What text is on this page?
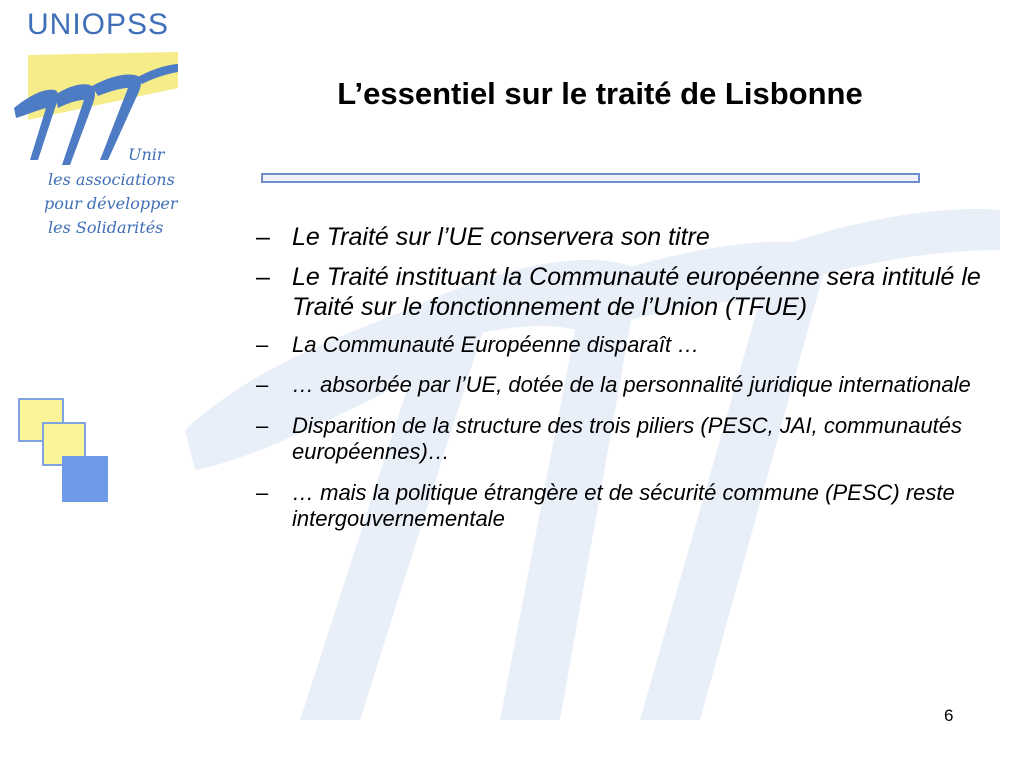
UNIOPSS
Unir
les associations
pour développer
les Solidarités
L’essentiel sur le traité de Lisbonne
– Le Traité sur l’UE conservera son titre
– Le Traité instituant la Communauté européenne sera intitulé le Traité sur le fonctionnement de l’Union (TFUE)
– La Communauté Européenne disparaît …
– … absorbée par l’UE, dotée de la personnalité juridique internationale
– Disparition de la structure des trois piliers (PESC, JAI, communautés européennes)…
– … mais la politique étrangère et de sécurité commune (PESC) reste intergouvernementale
6
